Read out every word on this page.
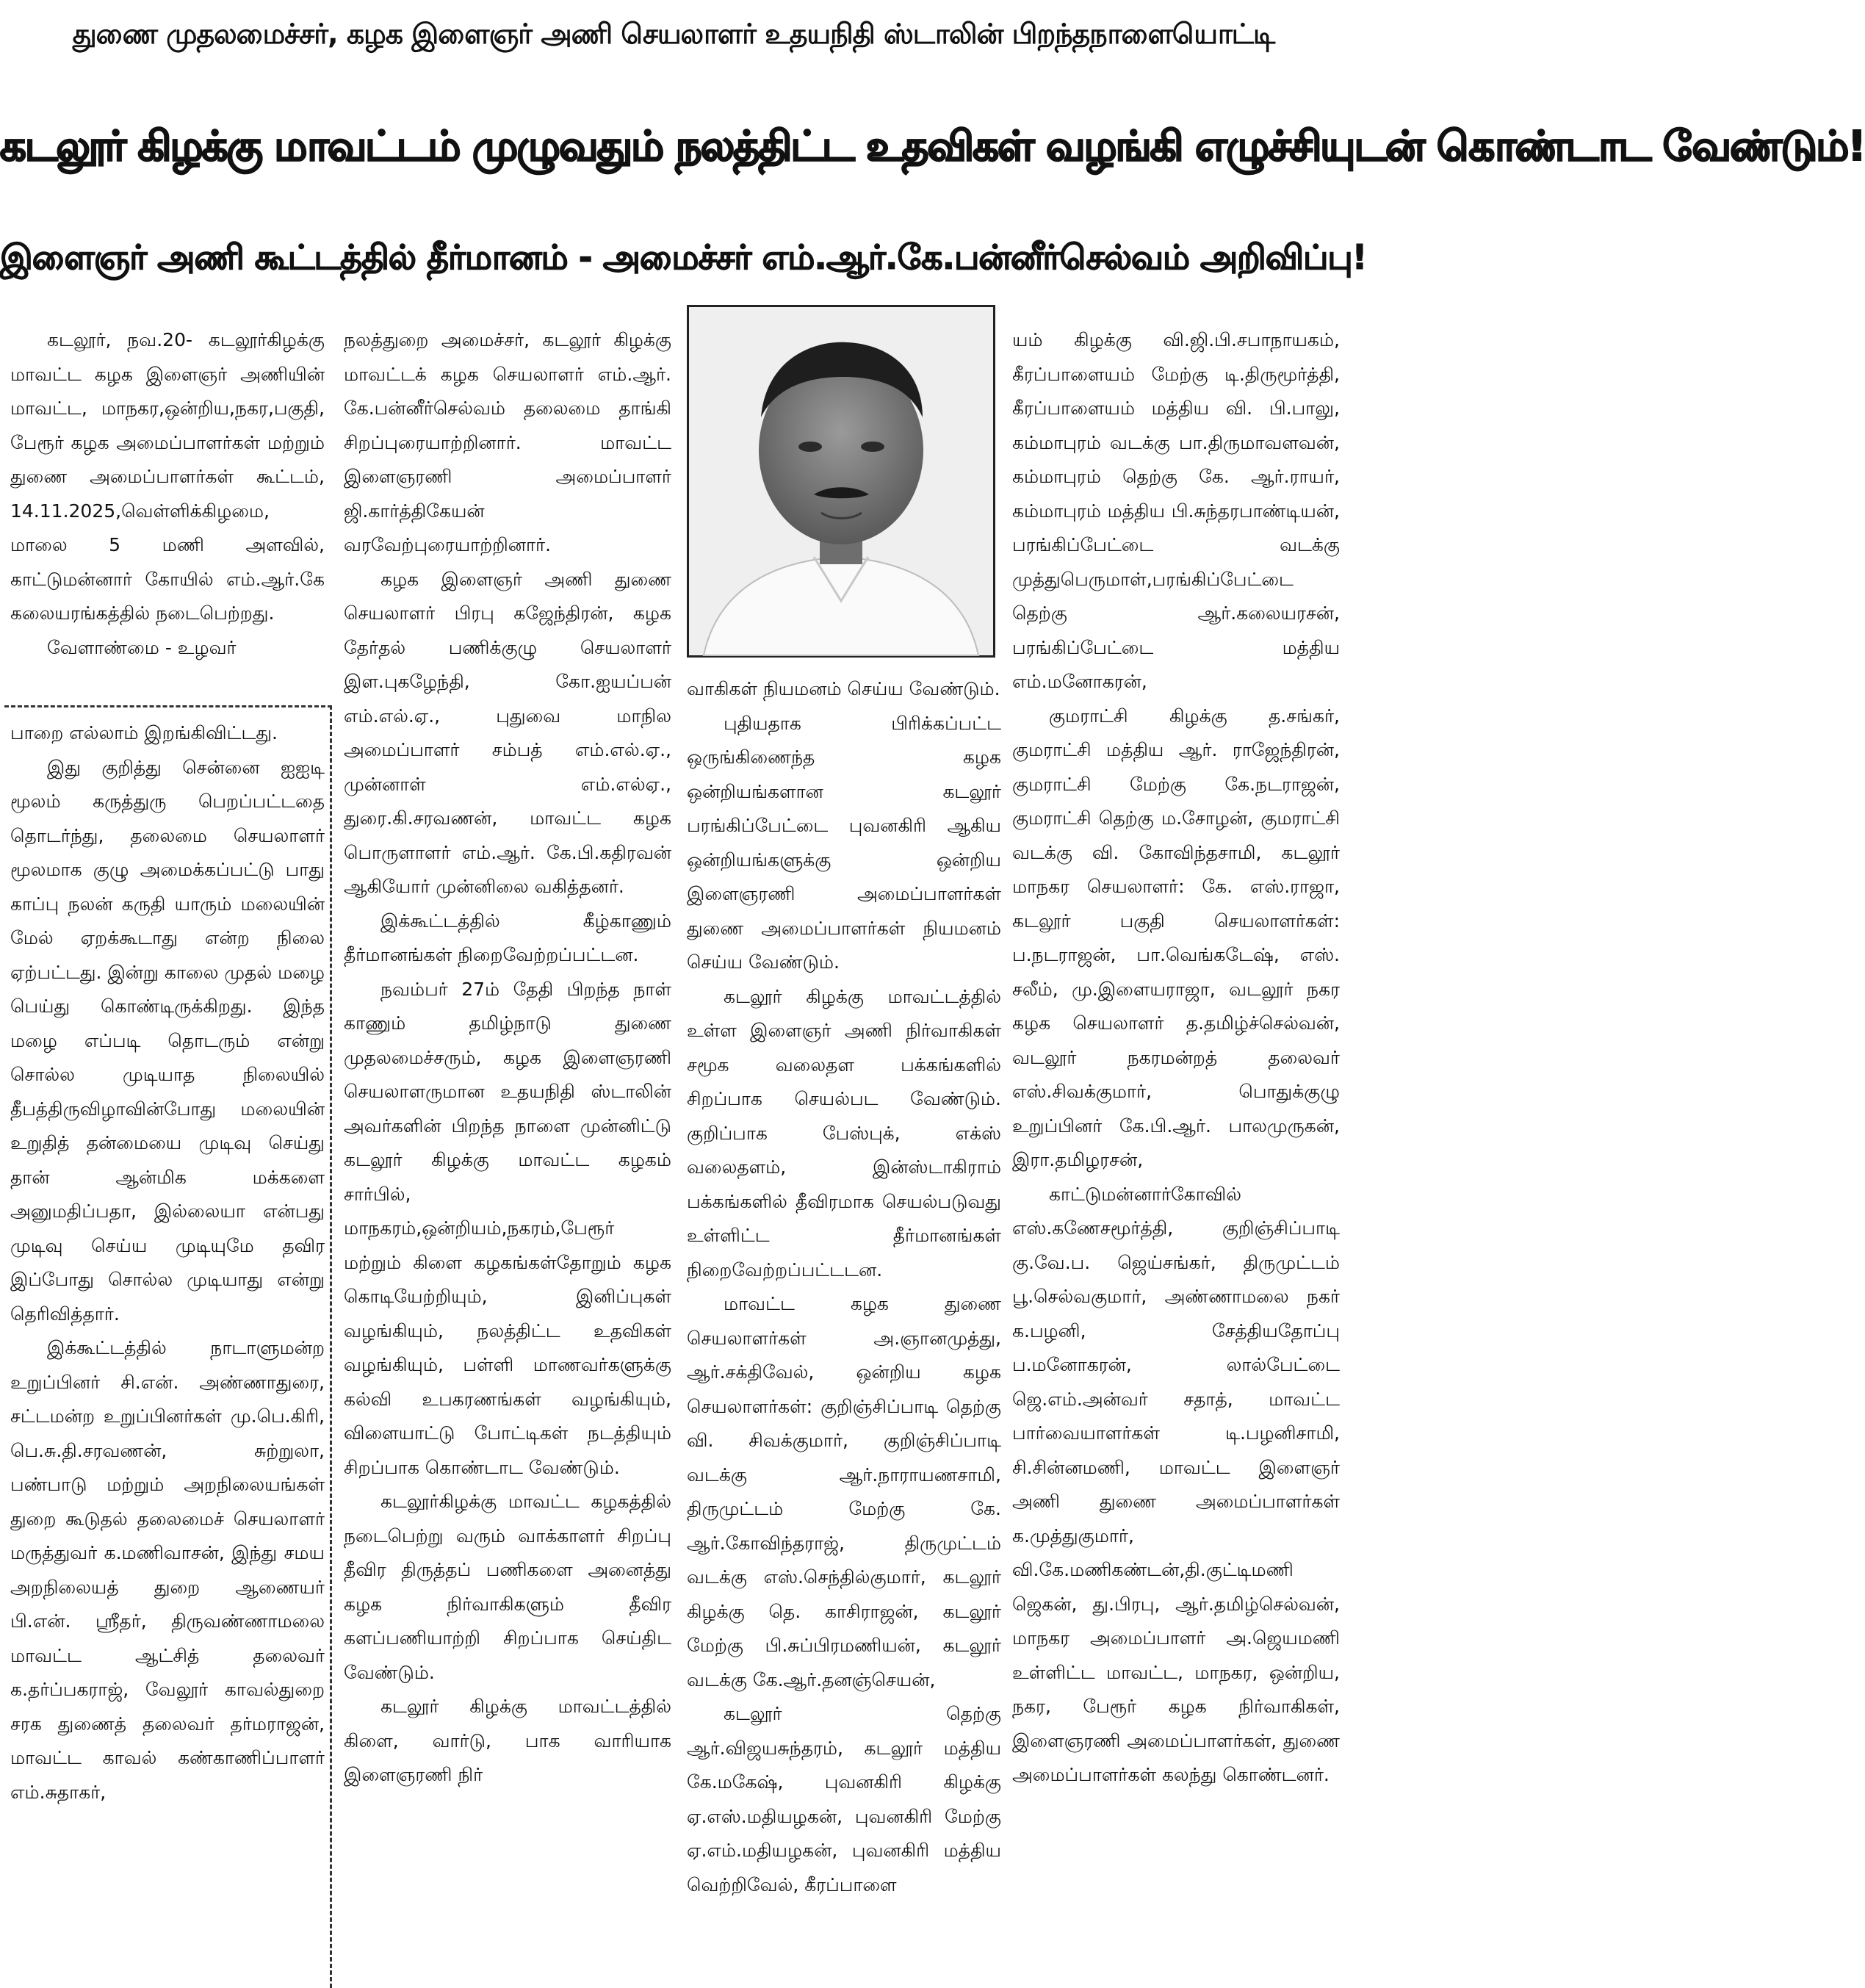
துணை முதலமைச்சர், கழக இளைஞர் அணி செயலாளர் உதயநிதி ஸ்டாலின் பிறந்தநாளையொட்டி
கடலூர் கிழக்கு மாவட்டம் முழுவதும் நலத்திட்ட உதவிகள் வழங்கி எழுச்சியுடன் கொண்டாட வேண்டும்!
இளைஞர் அணி கூட்டத்தில் தீர்மானம் - அமைச்சர் எம்.ஆர்.கே.பன்னீர்செல்வம் அறிவிப்பு!

கடலூர், நவ.20- கடலூர்கிழக்கு மாவட்ட கழக இளைஞர் அணியின் மாவட்ட, மாநகர,ஒன்றிய,நகர,பகுதி, பேரூர் கழக அமைப்பாளர்கள் மற்றும் துணை அமைப்பாளர்கள் கூட்டம், 14.11.2025,வெள்ளிக்கிழமை, மாலை 5 மணி அளவில், காட்டுமன்னார் கோயில் எம்.ஆர்.கே கலையரங்கத்தில் நடைபெற்றது.

வேளாண்மை - உழவர்

பாறை எல்லாம் இறங்கிவிட்டது.

இது குறித்து சென்னை ஐஐடி மூலம் கருத்துரு பெறப்பட்டதை தொடர்ந்து, தலைமை செயலாளர் மூலமாக குழு அமைக்கப்பட்டு பாது காப்பு நலன் கருதி யாரும் மலையின் மேல் ஏறக்கூடாது என்ற நிலை ஏற்பட்டது. இன்று காலை முதல் மழை பெய்து கொண்டிருக்கிறது. இந்த மழை எப்படி தொடரும் என்று சொல்ல முடியாத நிலையில் தீபத்திருவிழாவின்போது மலையின் உறுதித் தன்மையை முடிவு செய்து தான் ஆன்மிக மக்களை அனுமதிப்பதா, இல்லையா என்பது முடிவு செய்ய முடியுமே தவிர இப்போது சொல்ல முடியாது என்று தெரிவித்தார்.

இக்கூட்டத்தில் நாடாளுமன்ற உறுப்பினர் சி.என். அண்ணாதுரை, சட்டமன்ற உறுப்பினர்கள் மு.பெ.கிரி, பெ.சு.தி.சரவணன், சுற்றுலா, பண்பாடு மற்றும் அறநிலையங்கள் துறை கூடுதல் தலைமைச் செயலாளர் மருத்துவர் க.மணிவாசன், இந்து சமய அறநிலையத் துறை ஆணையர் பி.என். ஸ்ரீதர், திருவண்ணாமலை மாவட்ட ஆட்சித் தலைவர் க.தர்ப்பகராஜ், வேலூர் காவல்துறை சரக துணைத் தலைவர் தர்மராஜன், மாவட்ட காவல் கண்காணிப்பாளர் எம்.சுதாகர்,

நலத்துறை அமைச்சர், கடலூர் கிழக்கு மாவட்டக் கழக செயலாளர் எம்.ஆர். கே.பன்னீர்செல்வம் தலைமை தாங்கி சிறப்புரையாற்றினார். மாவட்ட இளைஞரணி அமைப்பாளர் ஜி.கார்த்திகேயன் வரவேற்புரையாற்றினார்.

கழக இளைஞர் அணி துணை செயலாளர் பிரபு கஜேந்திரன், கழக தேர்தல் பணிக்குழு செயலாளர் இள.புகழேந்தி, கோ.ஐயப்பன் எம்.எல்.ஏ., புதுவை மாநில அமைப்பாளர் சம்பத் எம்.எல்.ஏ., முன்னாள் எம்.எல்ஏ., துரை.கி.சரவணன், மாவட்ட கழக பொருளாளர் எம்.ஆர். கே.பி.கதிரவன் ஆகியோர் முன்னிலை வகித்தனர்.

இக்கூட்டத்தில் கீழ்காணும் தீர்மானங்கள் நிறைவேற்றப்பட்டன.

நவம்பர் 27ம் தேதி பிறந்த நாள் காணும் தமிழ்நாடு துணை முதலமைச்சரும், கழக இளைஞரணி செயலாளருமான உதயநிதி ஸ்டாலின் அவர்களின் பிறந்த நாளை முன்னிட்டு கடலூர் கிழக்கு மாவட்ட கழகம் சார்பில், மாநகரம்,ஒன்றியம்,நகரம்,பேரூர் மற்றும் கிளை கழகங்கள்தோறும் கழக கொடியேற்றியும், இனிப்புகள் வழங்கியும், நலத்திட்ட உதவிகள் வழங்கியும், பள்ளி மாணவர்களுக்கு கல்வி உபகரணங்கள் வழங்கியும், விளையாட்டு போட்டிகள் நடத்தியும் சிறப்பாக கொண்டாட வேண்டும்.

கடலூர்கிழக்கு மாவட்ட கழகத்தில் நடைபெற்று வரும் வாக்காளர் சிறப்பு தீவிர திருத்தப் பணிகளை அனைத்து கழக நிர்வாகிகளும் தீவிர களப்பணியாற்றி சிறப்பாக செய்திட வேண்டும்.

கடலூர் கிழக்கு மாவட்டத்தில் கிளை, வார்டு, பாக வாரியாக இளைஞரணி நிர்

வாகிகள் நியமனம் செய்ய வேண்டும்.

புதியதாக பிரிக்கப்பட்ட ஒருங்கிணைந்த கழக ஒன்றியங்களான கடலூர் பரங்கிப்பேட்டை புவனகிரி ஆகிய ஒன்றியங்களுக்கு ஒன்றிய இளைஞரணி அமைப்பாளர்கள் துணை அமைப்பாளர்கள் நியமனம் செய்ய வேண்டும்.

கடலூர் கிழக்கு மாவட்டத்தில் உள்ள இளைஞர் அணி நிர்வாகிகள் சமூக வலைதள பக்கங்களில் சிறப்பாக செயல்பட வேண்டும். குறிப்பாக பேஸ்புக், எக்ஸ் வலைதளம், இன்ஸ்டாகிராம் பக்கங்களில் தீவிரமாக செயல்படுவது உள்ளிட்ட தீர்மானங்கள் நிறைவேற்றப்பட்டடன.

மாவட்ட கழக துணை செயலாளர்கள் அ.ஞானமுத்து, ஆர்.சக்திவேல், ஒன்றிய கழக செயலாளர்கள்: குறிஞ்சிப்பாடி தெற்கு வி. சிவக்குமார், குறிஞ்சிப்பாடி வடக்கு ஆர்.நாராயணசாமி, திருமுட்டம் மேற்கு கே. ஆர்.கோவிந்தராஜ், திருமுட்டம் வடக்கு எஸ்.செந்தில்குமார், கடலூர் கிழக்கு தெ. காசிராஜன், கடலூர் மேற்கு பி.சுப்பிரமணியன், கடலூர் வடக்கு கே.ஆர்.தனஞ்செயன்,

கடலூர் தெற்கு ஆர்.விஜயசுந்தரம், கடலூர் மத்திய கே.மகேஷ், புவனகிரி கிழக்கு ஏ.எஸ்.மதியழகன், புவனகிரி மேற்கு ஏ.எம்.மதியழகன், புவனகிரி மத்திய வெற்றிவேல், கீரப்பாளை

யம் கிழக்கு வி.ஜி.பி.சபாநாயகம், கீரப்பாளையம் மேற்கு டி.திருமூர்த்தி, கீரப்பாளையம் மத்திய வி. பி.பாலு, கம்மாபுரம் வடக்கு பா.திருமாவளவன், கம்மாபுரம் தெற்கு கே. ஆர்.ராயர், கம்மாபுரம் மத்திய பி.சுந்தரபாண்டியன், பரங்கிப்பேட்டை வடக்கு முத்துபெருமாள்,பரங்கிப்பேட்டை தெற்கு ஆர்.கலையரசன், பரங்கிப்பேட்டை மத்திய எம்.மனோகரன்,

குமராட்சி கிழக்கு த.சங்கர், குமராட்சி மத்திய ஆர். ராஜேந்திரன், குமராட்சி மேற்கு கே.நடராஜன், குமராட்சி தெற்கு ம.சோழன், குமராட்சி வடக்கு வி. கோவிந்தசாமி, கடலூர் மாநகர செயலாளர்: கே. எஸ்.ராஜா, கடலூர் பகுதி செயலாளர்கள்: ப.நடராஜன், பா.வெங்கடேஷ், எஸ். சலீம், மு.இளையராஜா, வடலூர் நகர கழக செயலாளர் த.தமிழ்ச்செல்வன், வடலூர் நகரமன்றத் தலைவர் எஸ்.சிவக்குமார், பொதுக்குழு உறுப்பினர் கே.பி.ஆர். பாலமுருகன், இரா.தமிழரசன்,

காட்டுமன்னார்கோவில் எஸ்.கணேசமூர்த்தி, குறிஞ்சிப்பாடி கு.வே.ப. ஜெய்சங்கர், திருமுட்டம் பூ.செல்வகுமார், அண்ணாமலை நகர் க.பழனி, சேத்தியதோப்பு ப.மனோகரன், லால்பேட்டை ஜெ.எம்.அன்வர் சதாத், மாவட்ட பார்வையாளர்கள் டி.பழனிசாமி, சி.சின்னமணி, மாவட்ட இளைஞர் அணி துணை அமைப்பாளர்கள் க.முத்துகுமார், வி.கே.மணிகண்டன்,தி.குட்டிமணி ஜெகன், து.பிரபு, ஆர்.தமிழ்செல்வன், மாநகர அமைப்பாளர் அ.ஜெயமணி உள்ளிட்ட மாவட்ட, மாநகர, ஒன்றிய, நகர, பேரூர் கழக நிர்வாகிகள், இளைஞரணி அமைப்பாளர்கள், துணை அமைப்பாளர்கள் கலந்து கொண்டனர்.
